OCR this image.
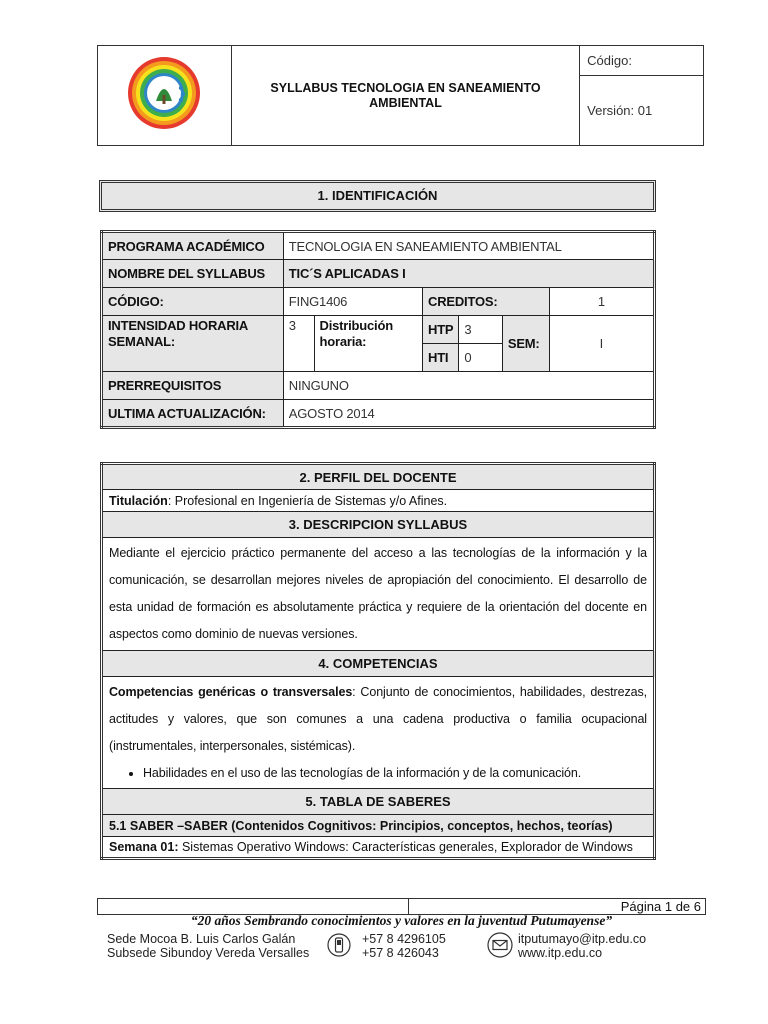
	SYLLABUS TECNOLOGIA EN SANEAMIENTO AMBIENTAL	Código:
Versión: 01
1. IDENTIFICACIÓN
PROGRAMA ACADÉMICO	TECNOLOGIA EN SANEAMIENTO AMBIENTAL					
NOMBRE DEL SYLLABUS	TIC´S APLICADAS I					
CÓDIGO:	FING1406		CREDITOS:			1
INTENSIDAD HORARIA SEMANAL:	3	Distribución horaria:	HTP	3	SEM:	I
			HTI	0		
PRERREQUISITOS	NINGUNO					
ULTIMA ACTUALIZACIÓN:	AGOSTO 2014					
2. PERFIL DEL DOCENTE
Titulación: Profesional en Ingeniería de Sistemas y/o Afines.
3. DESCRIPCION SYLLABUS
Mediante el ejercicio práctico permanente del acceso a las tecnologías de la información y la comunicación, se desarrollan mejores niveles de apropiación del conocimiento. El desarrollo de esta unidad de formación es absolutamente práctica y requiere de la orientación del docente en aspectos como dominio de nuevas versiones.
4. COMPETENCIAS
Competencias genéricas o transversales: Conjunto de conocimientos, habilidades, destrezas, actitudes y valores, que son comunes a una cadena productiva o familia ocupacional (instrumentales, interpersonales, sistémicas).
• Habilidades en el uso de las tecnologías de la información y de la comunicación.

5. TABLA DE SABERES
5.1 SABER –SABER (Contenidos Cognitivos: Principios, conceptos, hechos, teorías)
Semana 01: Sistemas Operativo Windows: Características generales, Explorador de Windows
Página 1 de 6
“20 años Sembrando conocimientos y valores en la juventud Putumayense”
Sede Mocoa B. Luis Carlos Galán
Subsede Sibundoy Vereda Versalles
+57 8 4296105
+57 8 426043
itputumayo@itp.edu.co
www.itp.edu.co
